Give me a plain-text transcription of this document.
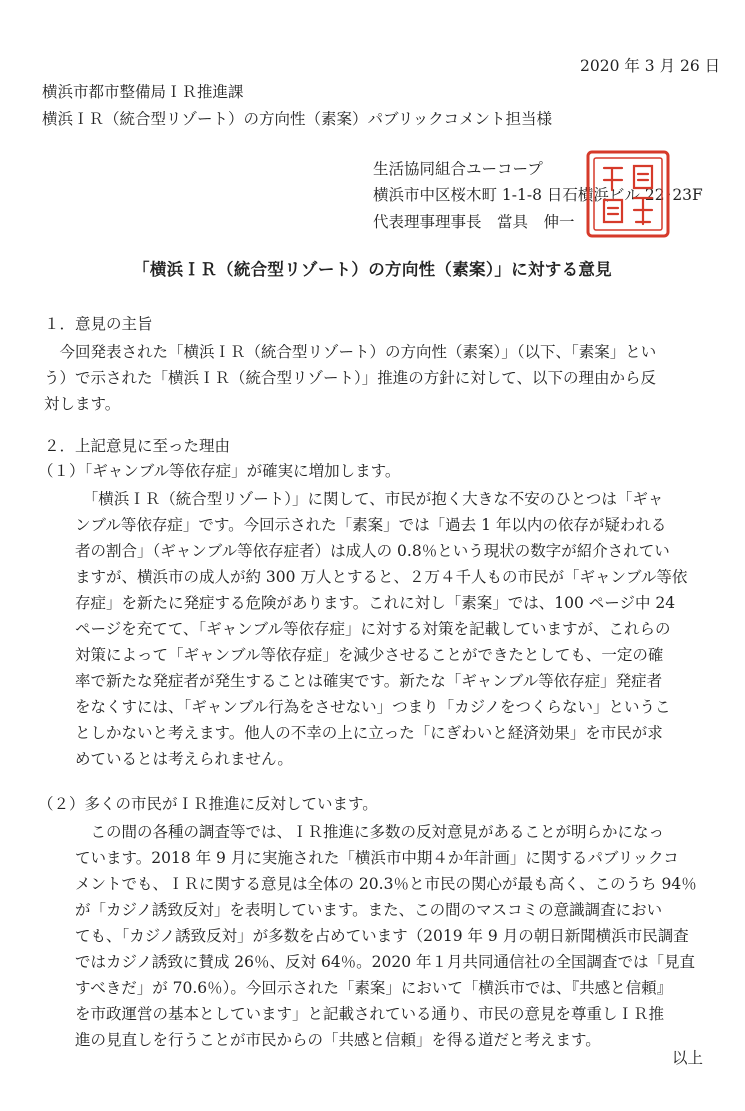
2020 年 3 月 26 日
横浜市都市整備局ＩＲ推進課
横浜ＩＲ（統合型リゾート）の方向性（素案）パブリックコメント担当様
生活協同組合ユーコープ
横浜市中区桜木町 1-1-8 日石横浜ビル 22･23F
代表理事理事長　當具　伸一
印
「横浜ＩＲ（統合型リゾート）の方向性（素案）」に対する意見
１．意見の主旨
　今回発表された「横浜ＩＲ（統合型リゾート）の方向性（素案）」（以下、「素案」とい
う）で示された「横浜ＩＲ（統合型リゾート）」推進の方針に対して、以下の理由から反
対します。
２．上記意見に至った理由
（１）「ギャンブル等依存症」が確実に増加します。
　　　「横浜ＩＲ（統合型リゾート）」に関して、市民が抱く大きな不安のひとつは「ギャ
　　ンブル等依存症」です。今回示された「素案」では「過去 1 年以内の依存が疑われる
　　者の割合」（ギャンブル等依存症者）は成人の 0.8％という現状の数字が紹介されてい
　　ますが、横浜市の成人が約 300 万人とすると、２万４千人もの市民が「ギャンブル等依
　　存症」を新たに発症する危険があります。これに対し「素案」では、100 ページ中 24
　　ページを充てて、「ギャンブル等依存症」に対する対策を記載していますが、これらの
　　対策によって「ギャンブル等依存症」を減少させることができたとしても、一定の確
　　率で新たな発症者が発生することは確実です。新たな「ギャンブル等依存症」発症者
　　をなくすには、「ギャンブル行為をさせない」つまり「カジノをつくらない」というこ
　　としかないと考えます。他人の不幸の上に立った「にぎわいと経済効果」を市民が求
　　めているとは考えられません。
（２）多くの市民がＩＲ推進に反対しています。
　　　この間の各種の調査等では、ＩＲ推進に多数の反対意見があることが明らかになっ
　　ています。2018 年 9 月に実施された「横浜市中期４か年計画」に関するパブリックコ
　　メントでも、ＩＲに関する意見は全体の 20.3％と市民の関心が最も高く、このうち 94％
　　が「カジノ誘致反対」を表明しています。また、この間のマスコミの意識調査におい
　　ても、「カジノ誘致反対」が多数を占めています（2019 年 9 月の朝日新聞横浜市民調査
　　ではカジノ誘致に賛成 26％、反対 64％。2020 年１月共同通信社の全国調査では「見直
　　すべきだ」が 70.6％）。今回示された「素案」において「横浜市では、『共感と信頼』
　　を市政運営の基本としています」と記載されている通り、市民の意見を尊重しＩＲ推
　　進の見直しを行うことが市民からの「共感と信頼」を得る道だと考えます。
以上
